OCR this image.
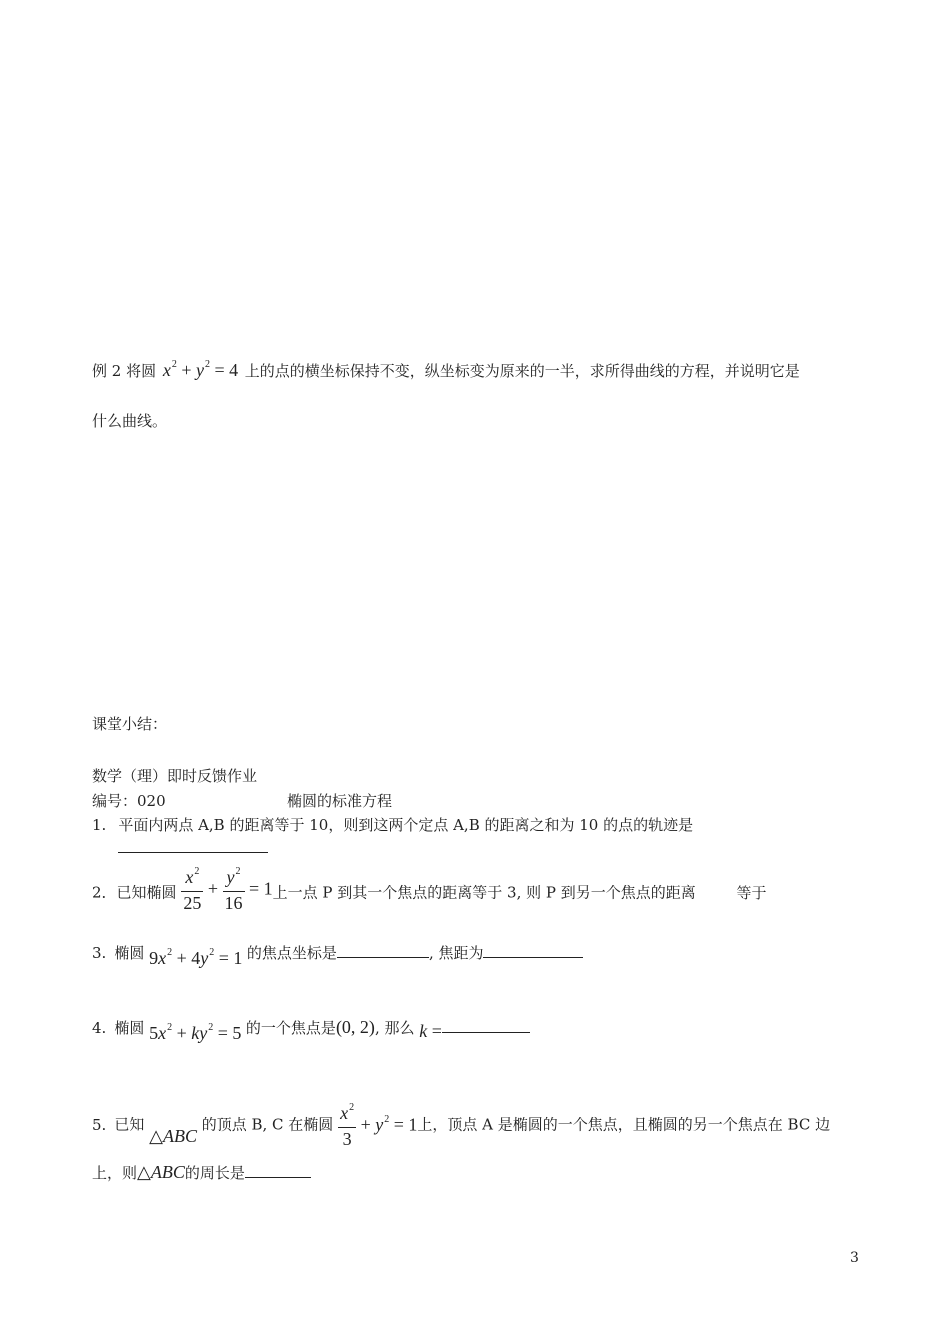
例 2 将圆 $x^2 + y^2 = 4$ 上的点的横坐标保持不变，纵坐标变为原来的一半，求所得曲线的方程，并说明它是
什么曲线。
课堂小结：
数学（理）即时反馈作业
编号：020	椭圆的标准方程
1. 平面内两点 A,B 的距离等于 10，则到这两个定点 A,B 的距离之和为 10 的点的轨迹是
2．已知椭圆 $\frac{x^2}{25} + \frac{y^2}{16} = 1$上一点 P 到其一个焦点的距离等于 3, 则 P 到另一个焦点的距离	等于
3. 椭圆 $9x^2 + 4y^2 = 1$ 的焦点坐标是	, 焦距为
4. 椭圆 $5x^2 + ky^2 = 5$ 的一个焦点是(0, 2), 那么 k =
5. 已知 △ABC 的顶点 B, C 在椭圆 $\frac{x^2}{3} + y^2 = 1$上，顶点 A 是椭圆的一个焦点，且椭圆的另一个焦点在 BC 边
上，则△ABC的周长是
3
